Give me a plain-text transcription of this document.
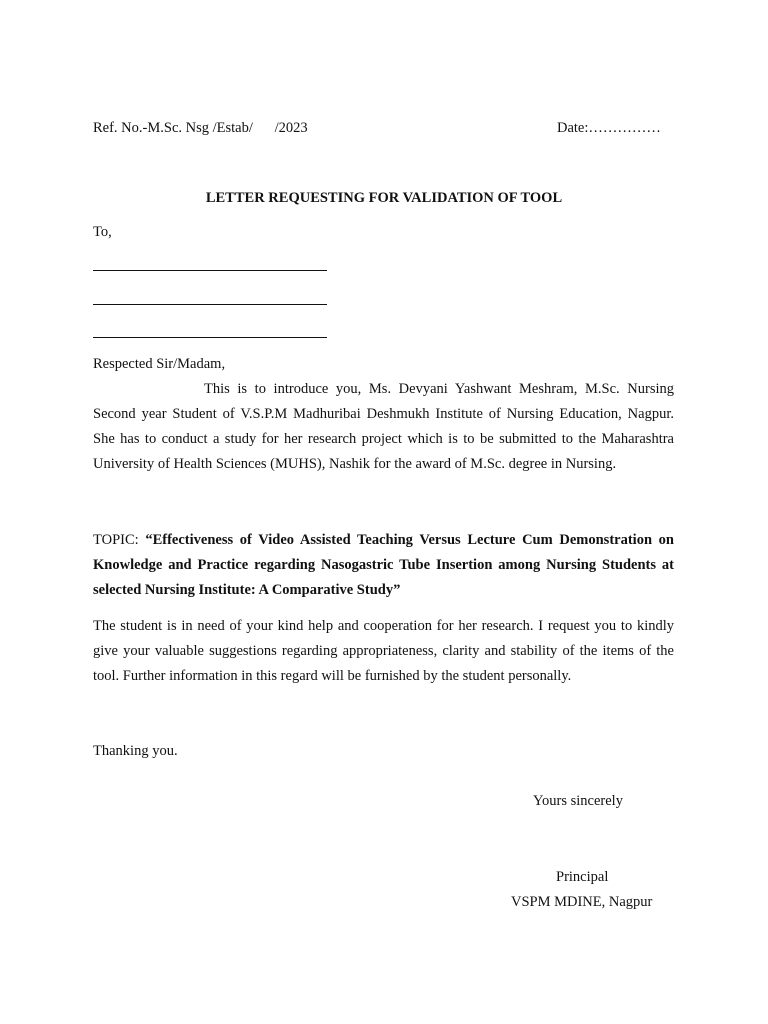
Ref. No.-M.Sc. Nsg /Estab/      /2023	Date:……………
LETTER REQUESTING FOR VALIDATION OF TOOL
To,
Respected Sir/Madam,

This is to introduce you, Ms. Devyani Yashwant Meshram, M.Sc. Nursing Second year Student of V.S.P.M Madhuribai Deshmukh Institute of Nursing Education, Nagpur. She has to conduct a study for her research project which is to be submitted to the Maharashtra University of Health Sciences (MUHS), Nashik for the award of M.Sc. degree in Nursing.

TOPIC: “Effectiveness of Video Assisted Teaching Versus Lecture Cum Demonstration on Knowledge and Practice regarding Nasogastric Tube Insertion among Nursing Students at selected Nursing Institute: A Comparative Study”

The student is in need of your kind help and cooperation for her research. I request you to kindly give your valuable suggestions regarding appropriateness, clarity and stability of the items of the tool. Further information in this regard will be furnished by the student personally.

Thanking you.
Yours sincerely
Principal
VSPM MDINE, Nagpur
